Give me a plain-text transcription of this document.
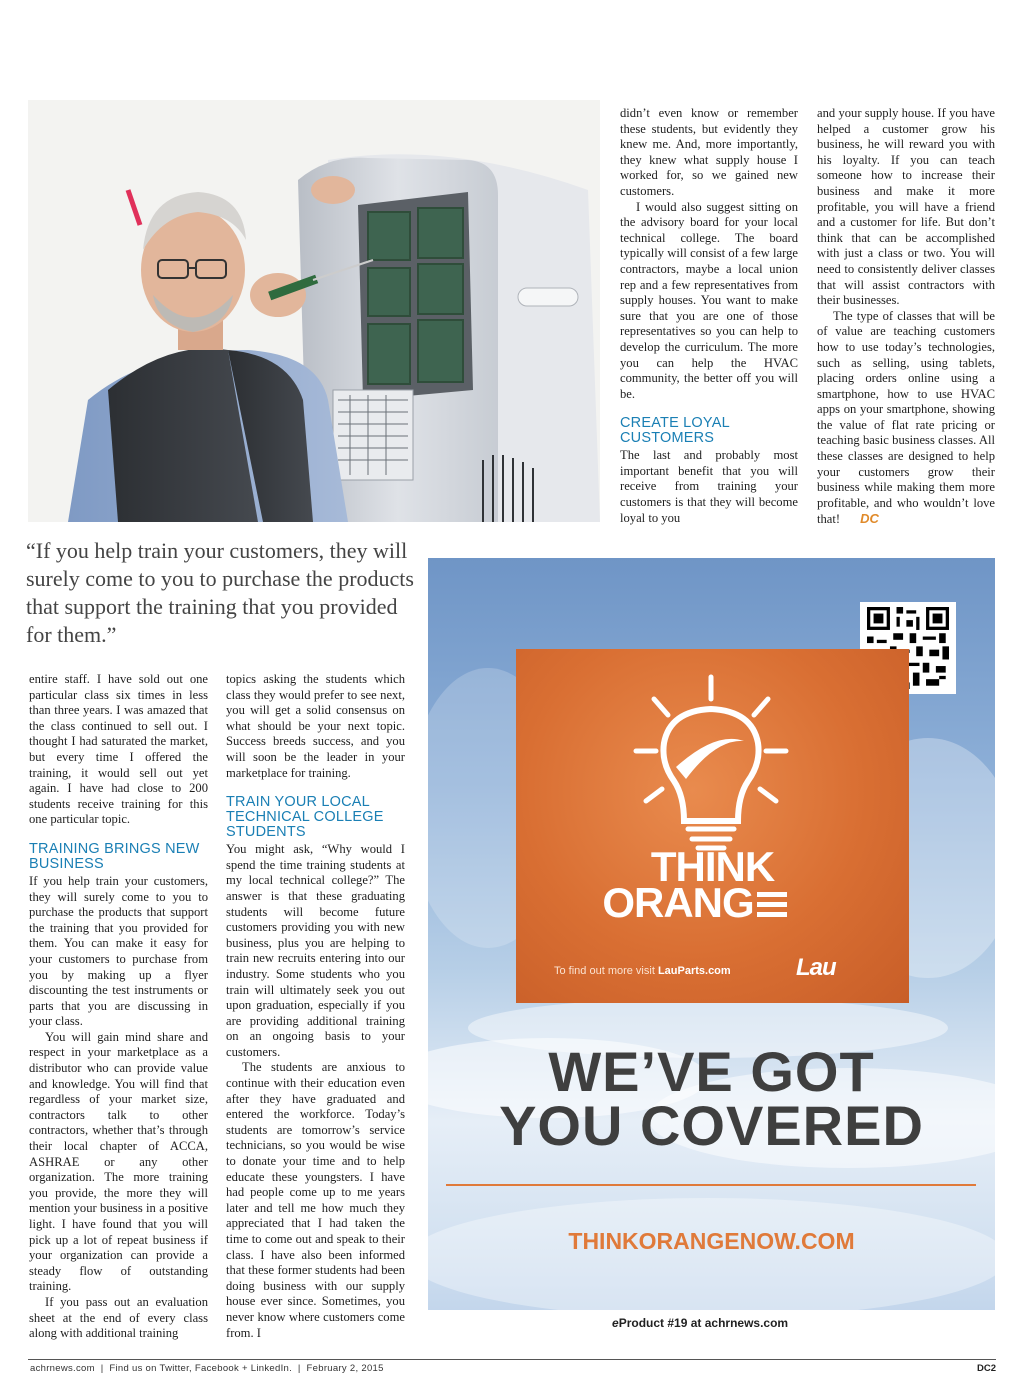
didn’t even know or remember these students, but evidently they knew me. And, more importantly, they knew what supply house I worked for, so we gained new customers.

I would also suggest sitting on the advisory board for your local technical college. The board typically will consist of a few large contractors, maybe a local union rep and a few representatives from supply houses. You want to make sure that you are one of those representatives so you can help to develop the curriculum. The more you can help the HVAC community, the better off you will be.

CREATE LOYAL CUSTOMERS

The last and probably most important benefit that you will receive from training your customers is that they will become loyal to you

and your supply house. If you have helped a customer grow his business, he will reward you with his loyalty. If you can teach someone how to increase their business and make it more profitable, you will have a friend and a customer for life. But don’t think that can be accomplished with just a class or two. You will need to consistently deliver classes that will assist contractors with their businesses.

The type of classes that will be of value are teaching customers how to use today’s technologies, such as selling, using tablets, placing orders online using a smartphone, how to use HVAC apps on your smartphone, showing the value of flat rate pricing or teaching basic business classes. All these classes are designed to help your customers grow their business while making them more profitable, and who wouldn’t love that! DC

“If you help train your customers, they will surely come to you to purchase the products that support the training that you provided for them.”

entire staff. I have sold out one particular class six times in less than three years. I was amazed that the class continued to sell out. I thought I had saturated the market, but every time I offered the training, it would sell out yet again. I have had close to 200 students receive training for this one particular topic.

TRAINING BRINGS NEW BUSINESS

If you help train your customers, they will surely come to you to purchase the products that support the training that you provided for them. You can make it easy for your customers to purchase from you by making up a flyer discounting the test instruments or parts that you are discussing in your class.

You will gain mind share and respect in your marketplace as a distributor who can provide value and knowledge. You will find that regardless of your market size, contractors talk to other contractors, whether that’s through their local chapter of ACCA, ASHRAE or any other organization. The more training you provide, the more they will mention your business in a positive light. I have found that you will pick up a lot of repeat business if your organization can provide a steady flow of outstanding training.

If you pass out an evaluation sheet at the end of every class along with additional training

topics asking the students which class they would prefer to see next, you will get a solid consensus on what should be your next topic. Success breeds success, and you will soon be the leader in your marketplace for training.

TRAIN YOUR LOCAL TECHNICAL COLLEGE STUDENTS

You might ask, “Why would I spend the time training students at my local technical college?” The answer is that these graduating students will become future customers providing you with new business, plus you are helping to train new recruits entering into our industry. Some students who you train will ultimately seek you out upon graduation, especially if you are providing additional training on an ongoing basis to your customers.

The students are anxious to continue with their education even after they have graduated and entered the workforce. Today’s students are tomorrow’s service technicians, so you would be wise to donate your time and to help educate these youngsters. I have had people come up to me years later and tell me how much they appreciated that I had taken the time to come out and speak to their class. I have also been informed that these former students had been doing business with our supply house ever since. Sometimes, you never know where customers come from. I

THINK
ORANG
To find out more visit LauParts.com	Lau
WE’VE GOT
YOU COVERED
THINKORANGENOW.COM
eProduct #19 at achrnews.com
achrnews.com  |  Find us on Twitter, Facebook + LinkedIn.  |  February 2, 2015	DC2
